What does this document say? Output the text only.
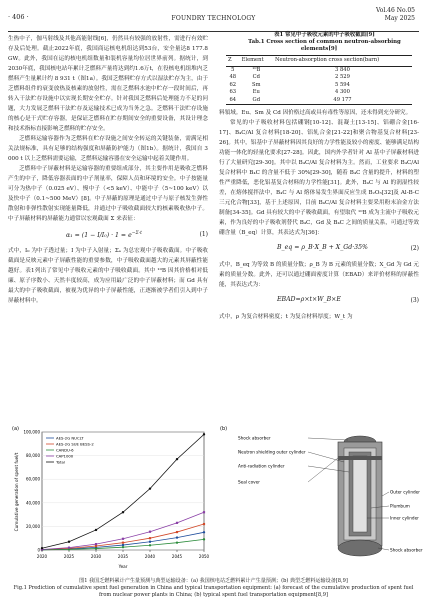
· 406 ·	FOUNDRY TECHNOLOGY
Vol.46 No.05
May 2025

生热中子，伽马射线及其他高能射线[6]，仍然具有较强的放射性，需进行有效贮存及后处理。截止2022年底，我国商运核电机组达到53台，安全量达8 177.8 GW。此外，我国在运的核电机组数量和装机容量均位居世界前列。据统计，到2030年底，我国核电站年累计乏燃料产量将达到约1.6万t，在役核电机组堆内乏燃料产生量累计约 8 931 t（图1a）。我国乏燃料贮存方式以湿法贮存为主，由于乏燃料组件的衰变放热及核素的放射性，需在乏燃料水池中贮存一段时间后，再转入干法贮存设施中以实现长期安全贮存。针对我国乏燃料后处理能力不足的问题，大力发展乏燃料干法贮存及运输技术已成为当务之急。乏燃料干法贮存设施的核心是干式贮存容器，是保证乏燃料在贮存期间安全的重要设备，其设计理念和技术指标直接影响乏燃料的贮存安全。

乏燃料运输容器作为乏燃料在贮存设施之间安全转运的关键装备，需满足相关法规标准，具有足够的结构强度和屏蔽防护能力（图1b）。据统计，我国自 3 000 t 以上乏燃料需要运输，乏燃料运输容器在安全运输中起着关键作用。

乏燃料中子屏蔽材料是运输容器的重要组成部分，其主要作用是吸收乏燃料产生的中子，降低容器表面的中子剂量率，保障人员和环境的安全。中子按能量可分为热中子（0.025 eV）、慢中子（<5 keV）、中能中子（5~100 keV）以及快中子（0.1~500 MeV）[8]。中子屏蔽的原理是通过中子与原子核发生弹性散射和非弹性散射实现能量降低，并通过中子吸收截面较大的核素吸收热中子。中子屏蔽材料的屏蔽能力通常以宏观截面 Σ 来表征：

$\alpha_1 = (1 - I/I_0) \cdot 1 = e^{-\Sigma\cdot t}$	(1)

式中，I₀ 为中子透过量；I 为中子入射量；Σₐ 为总宏观中子吸收截面。中子吸收截面是反映元素中子屏蔽性能的重要参数，中子吸收截面越大的元素其屏蔽性能越好。表1列出了常见中子吸收元素的中子吸收截面。其中 ¹⁰B 因其价格相对低廉、原子序数小、天然丰度较高，成为应用最广泛的中子屏蔽材料；而 Gd 具有最大的中子吸收截面，被视为优异的中子屏蔽性能，正逐渐被学者们引入到中子屏蔽材料中。

表1 常见中子吸收元素的中子吸收截面[9]

Tab.1 Cross section of common neutron-absorbing elements[9]

Z	Element	Neutron-absorption cross section(barn)
5	¹⁰B	3 840
48	Cd	2 529
62	Sm	5 594
63	Eu	4 300
64	Gd	49 177

料領域。Eu、Sm 及 Cd 因价格过高或具有毒性等原因，还未得到充分研究。

常见的中子吸收材料包括硼钢[10-12]、混凝土[13-15]、铝硼合金[16-17]、B₄C/Al 复合材料[18-20]、铝轧合金[21-22]和聚合物基复合材料[23-26]。其中，铝基中子屏蔽材料因其良好的力学性能及较小的密度、能够满足结构功能一体化的轻量化要求[27-28]。因此，国内外学者针对 Al 基中子屏蔽材料进行了大量研究[29-30]。其中以 B₄C/Al 复合材料为主。然而，工业要求 B₄C/Al 复合材料中 B₄C 的含量不低于 30%[29-30]，随着 B₄C 含量的提升，材料的塑性严重降低，恶化铝基复合材料的力学性能[31]。此外，B₄C 与 Al 的润湿性较差，在熔体搅拌法中，B₄C 与 Al 熔体易发生界面反应生成 B₂O₃[32]及 Al-B-C 三元化合物[33]，基于上述原因，目前 B₄C/Al 复合材料主要采用粉末冶金方法制备[34-35]。Gd 具有较大的中子吸收截面，有望取代 ¹⁰B 成为主流中子吸收元素，作为良好的中子吸收剂替代 B₄C，Gd 及 B₄C 之间的质量关系，可通过等效硼含量（B_eq）计算，其表达式为[36]：

B_eq = ρ_B·X_B + X_Gd·35%	(2)

式中，B_eq 为等效 B 的质量分数；ρ_B 为 B 元素的质量分数；X_Gd 为 Gd 元素的质量分数。此外，还可以通过硼面密度计算（EBAD）来评价材料的屏蔽性能，其表达式为：

EBAD=ρ×t×W_B×E	(3)

式中，ρ 为复合材料密度；t 为复合材料厚度；W_t 为

(a)
0
20,000
40,000
60,000
80,000
100,000
2020	2025	2030	2035	2040	2045	2050
Year
Cumulative generation of spent fuel/t
AES-2G NUCLT
AES-2G SUE BESS-2
CANDU-6
CAP1000
Total
(b)
Shock absorber
Neutron shielding outer cylinder
Anti-radiation cylinder
Seal cover
Outer cylinder
Plumbum
Inner cylinder
Shock absorber
图1 我国乏燃料累计产生量预测与典型运输设备：(a) 我国核电站乏燃料累计产生量预测；(b) 典型乏燃料运输设备[8,9]
Fig.1 Prediction of cumulative spent fuel generation in China and typical transportation equipment: (a) forecast of the cumulative production of spent fuel from nuclear power plants in China; (b) typical spent fuel transportation equipment[8,9]
